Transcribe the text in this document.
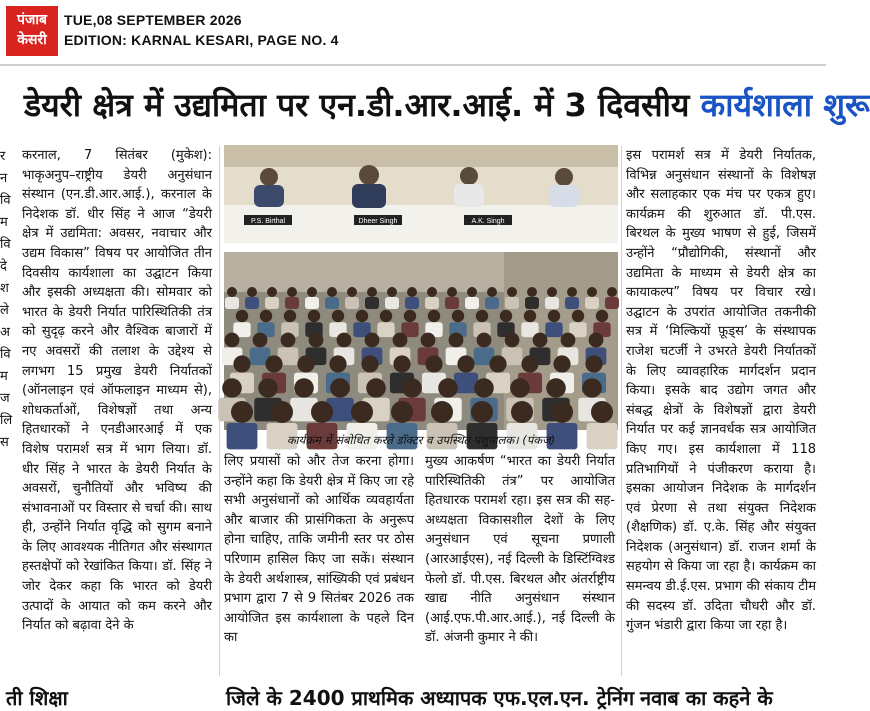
पंजाब
केसरी
TUE,08 SEPTEMBER 2026
EDITION: KARNAL KESARI, PAGE NO. 4
र
न
वि
म
वि
दे
श
ले
अ
वि
म
ज
लि
स
डेयरी क्षेत्र में उद्यमिता पर एन.डी.आर.आई. में 3 दिवसीय कार्यशाला शुरू
करनाल, 7 सितंबर (मुकेश): भाकृअनुप–राष्ट्रीय डेयरी अनुसंधान संस्थान (एन.डी.आर.आई.), करनाल के निदेशक डॉ. धीर सिंह ने आज “डेयरी क्षेत्र में उद्यमिता: अवसर, नवाचार और उद्यम विकास” विषय पर आयोजित तीन दिवसीय कार्यशाला का उद्घाटन किया और इसकी अध्यक्षता की। सोमवार को भारत के डेयरी निर्यात पारिस्थितिकी तंत्र को सुदृढ़ करने और वैश्विक बाजारों में नए अवसरों की तलाश के उद्देश्य से लगभग 15 प्रमुख डेयरी निर्यातकों (ऑनलाइन एवं ऑफलाइन माध्यम से), शोधकर्ताओं, विशेषज्ञों तथा अन्य हितधारकों ने एनडीआरआई में एक विशेष परामर्श सत्र में भाग लिया। डॉ. धीर सिंह ने भारत के डेयरी निर्यात के अवसरों, चुनौतियों और भविष्य की संभावनाओं पर विस्तार से चर्चा की। साथ ही, उन्होंने निर्यात वृद्धि को सुगम बनाने के लिए आवश्यक नीतिगत और संस्थागत हस्तक्षेपों को रेखांकित किया। डॉ. सिंह ने जोर देकर कहा कि भारत को डेयरी उत्पादों के आयात को कम करने और निर्यात को बढ़ावा देने के
लिए प्रयासों को और तेज करना होगा। उन्होंने कहा कि डेयरी क्षेत्र में किए जा रहे सभी अनुसंधानों को आर्थिक व्यवहार्यता और बाजार की प्रासंगिकता के अनुरूप होना चाहिए, ताकि जमीनी स्तर पर ठोस परिणाम हासिल किए जा सकें। संस्थान के डेयरी अर्थशास्त्र, सांख्यिकी एवं प्रबंधन प्रभाग द्वारा 7 से 9 सितंबर 2026 तक आयोजित इस कार्यशाला के पहले दिन का
मुख्य आकर्षण “भारत का डेयरी निर्यात पारिस्थितिकी तंत्र” पर आयोजित हितधारक परामर्श रहा। इस सत्र की सह-अध्यक्षता विकासशील देशों के लिए अनुसंधान एवं सूचना प्रणाली (आरआईएस), नई दिल्ली के डिस्टिंग्विश्ड फेलो डॉ. पी.एस. बिरथल और अंतर्राष्ट्रीय खाद्य नीति अनुसंधान संस्थान (आई.एफ.पी.आर.आई.), नई दिल्ली के डॉ. अंजनी कुमार ने की।
इस परामर्श सत्र में डेयरी निर्यातक, विभिन्न अनुसंधान संस्थानों के विशेषज्ञ और सलाहकार एक मंच पर एकत्र हुए। कार्यक्रम की शुरुआत डॉ. पी.एस. बिरथल के मुख्य भाषण से हुई, जिसमें उन्होंने “प्रौद्योगिकी, संस्थानों और उद्यमिता के माध्यम से डेयरी क्षेत्र का कायाकल्प” विषय पर विचार रखे। उद्घाटन के उपरांत आयोजित तकनीकी सत्र में ‘मिल्कियों फ़ूड्स’ के संस्थापक राजेश चटर्जी ने उभरते डेयरी निर्यातकों के लिए व्यावहारिक मार्गदर्शन प्रदान किया। इसके बाद उद्योग जगत और संबद्ध क्षेत्रों के विशेषज्ञों द्वारा डेयरी निर्यात पर कई ज्ञानवर्धक सत्र आयोजित किए गए। इस कार्यशाला में 118 प्रतिभागियों ने पंजीकरण कराया है। इसका आयोजन निदेशक के मार्गदर्शन एवं प्रेरणा से तथा संयुक्त निदेशक (शैक्षणिक) डॉ. ए.के. सिंह और संयुक्त निदेशक (अनुसंधान) डॉ. राजन शर्मा के सहयोग से किया जा रहा है। कार्यक्रम का समन्वय डी.ई.एस. प्रभाग की संकाय टीम की सदस्य डॉ. उदिता चौधरी और डॉ. गुंजन भंडारी द्वारा किया जा रहा है।
P.S. Birthal	Dheer Singh	A.K. Singh
कार्यक्रम में संबोधित करते डॉक्टर व उपस्थित पशुपालक। (पंकज)
ती शिक्षा	जिले के 2400 प्राथमिक अध्यापक एफ.एल.एन. ट्रेनिंग नवाब का कहने के
